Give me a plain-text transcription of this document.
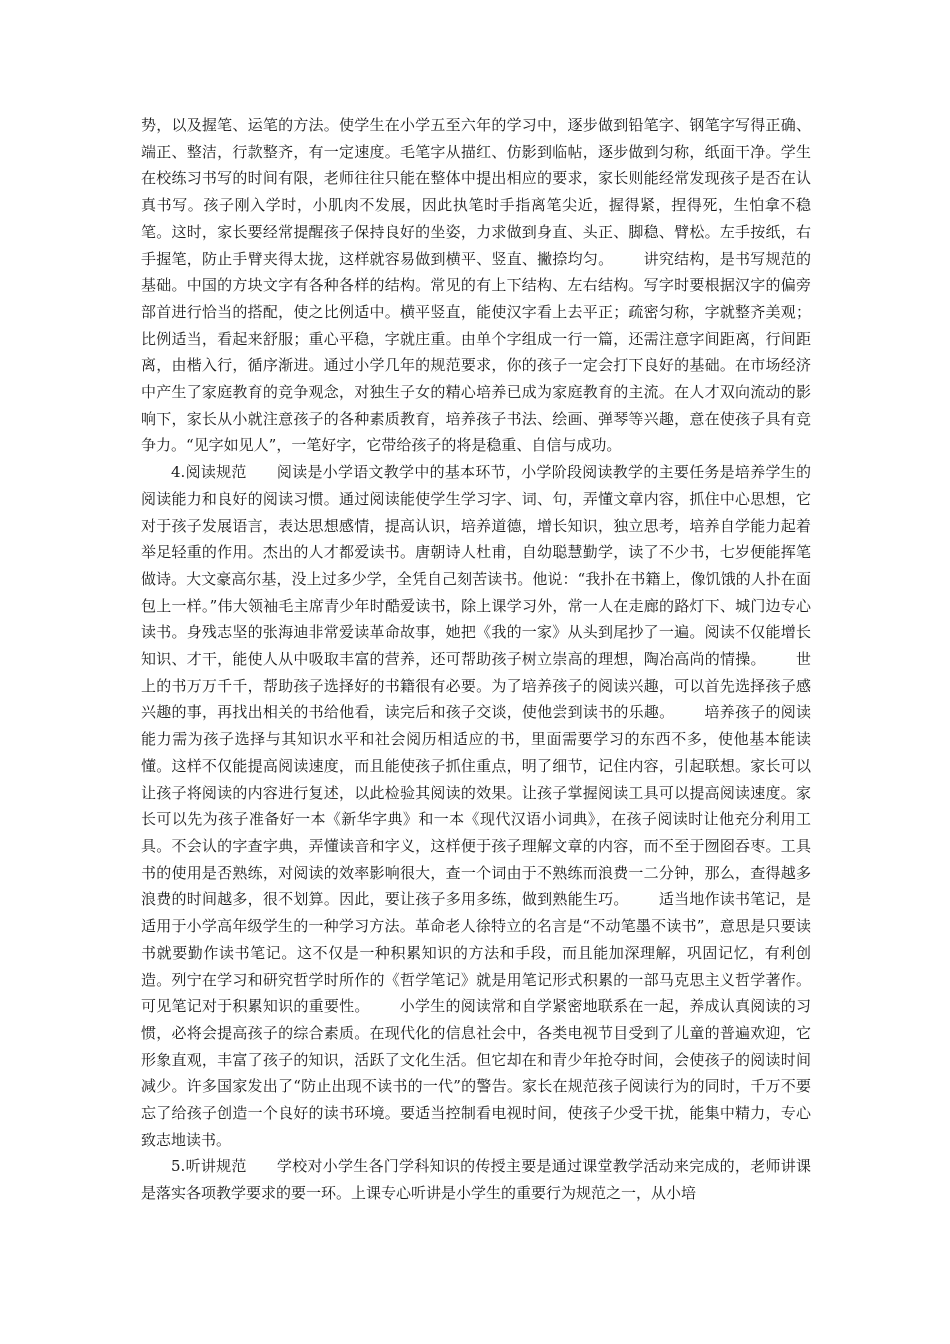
势，以及握笔、运笔的方法。使学生在小学五至六年的学习中，逐步做到铅笔字、钢笔字写得正确、端正、整洁，行款整齐，有一定速度。毛笔字从描红、仿影到临帖，逐步做到匀称，纸面干净。学生在校练习书写的时间有限，老师往往只能在整体中提出相应的要求，家长则能经常发现孩子是否在认真书写。孩子刚入学时，小肌肉不发展，因此执笔时手指离笔尖近，握得紧，捏得死，生怕拿不稳笔。这时，家长要经常提醒孩子保持良好的坐姿，力求做到身直、头正、脚稳、臂松。左手按纸，右手握笔，防止手臂夹得太拢，这样就容易做到横平、竖直、撇捺均匀。 讲究结构，是书写规范的基础。中国的方块文字有各种各样的结构。常见的有上下结构、左右结构。写字时要根据汉字的偏旁部首进行恰当的搭配，使之比例适中。横平竖直，能使汉字看上去平正；疏密匀称，字就整齐美观；比例适当，看起来舒服；重心平稳，字就庄重。由单个字组成一行一篇，还需注意字间距离，行间距离，由楷入行，循序渐进。通过小学几年的规范要求，你的孩子一定会打下良好的基础。在市场经济中产生了家庭教育的竞争观念，对独生子女的精心培养已成为家庭教育的主流。在人才双向流动的影响下，家长从小就注意孩子的各种素质教育，培养孩子书法、绘画、弹琴等兴趣，意在使孩子具有竞争力。“见字如见人”，一笔好字，它带给孩子的将是稳重、自信与成功。

4.阅读规范 阅读是小学语文教学中的基本环节，小学阶段阅读教学的主要任务是培养学生的阅读能力和良好的阅读习惯。通过阅读能使学生学习字、词、句，弄懂文章内容，抓住中心思想，它对于孩子发展语言，表达思想感情，提高认识，培养道德，增长知识，独立思考，培养自学能力起着举足轻重的作用。杰出的人才都爱读书。唐朝诗人杜甫，自幼聪慧勤学，读了不少书，七岁便能挥笔做诗。大文豪高尔基，没上过多少学，全凭自己刻苦读书。他说：“我扑在书籍上，像饥饿的人扑在面包上一样。”伟大领袖毛主席青少年时酷爱读书，除上课学习外，常一人在走廊的路灯下、城门边专心读书。身残志坚的张海迪非常爱读革命故事，她把《我的一家》从头到尾抄了一遍。阅读不仅能增长知识、才干，能使人从中吸取丰富的营养，还可帮助孩子树立崇高的理想，陶冶高尚的情操。 世上的书万万千千，帮助孩子选择好的书籍很有必要。为了培养孩子的阅读兴趣，可以首先选择孩子感兴趣的事，再找出相关的书给他看，读完后和孩子交谈，使他尝到读书的乐趣。 培养孩子的阅读能力需为孩子选择与其知识水平和社会阅历相适应的书，里面需要学习的东西不多，使他基本能读懂。这样不仅能提高阅读速度，而且能使孩子抓住重点，明了细节，记住内容，引起联想。家长可以让孩子将阅读的内容进行复述，以此检验其阅读的效果。让孩子掌握阅读工具可以提高阅读速度。家长可以先为孩子准备好一本《新华字典》和一本《现代汉语小词典》，在孩子阅读时让他充分利用工具。不会认的字查字典，弄懂读音和字义，这样便于孩子理解文章的内容，而不至于囫囵吞枣。工具书的使用是否熟练，对阅读的效率影响很大，查一个词由于不熟练而浪费一二分钟，那么，查得越多浪费的时间越多，很不划算。因此，要让孩子多用多练，做到熟能生巧。 适当地作读书笔记，是适用于小学高年级学生的一种学习方法。革命老人徐特立的名言是“不动笔墨不读书”，意思是只要读书就要勤作读书笔记。这不仅是一种积累知识的方法和手段，而且能加深理解，巩固记忆，有利创造。列宁在学习和研究哲学时所作的《哲学笔记》就是用笔记形式积累的一部马克思主义哲学著作。可见笔记对于积累知识的重要性。 小学生的阅读常和自学紧密地联系在一起，养成认真阅读的习惯，必将会提高孩子的综合素质。在现代化的信息社会中，各类电视节目受到了儿童的普遍欢迎，它形象直观，丰富了孩子的知识，活跃了文化生活。但它却在和青少年抢夺时间，会使孩子的阅读时间减少。许多国家发出了“防止出现不读书的一代”的警告。家长在规范孩子阅读行为的同时，千万不要忘了给孩子创造一个良好的读书环境。要适当控制看电视时间，使孩子少受干扰，能集中精力，专心致志地读书。

5.听讲规范 学校对小学生各门学科知识的传授主要是通过课堂教学活动来完成的，老师讲课是落实各项教学要求的要一环。上课专心听讲是小学生的重要行为规范之一，从小培
